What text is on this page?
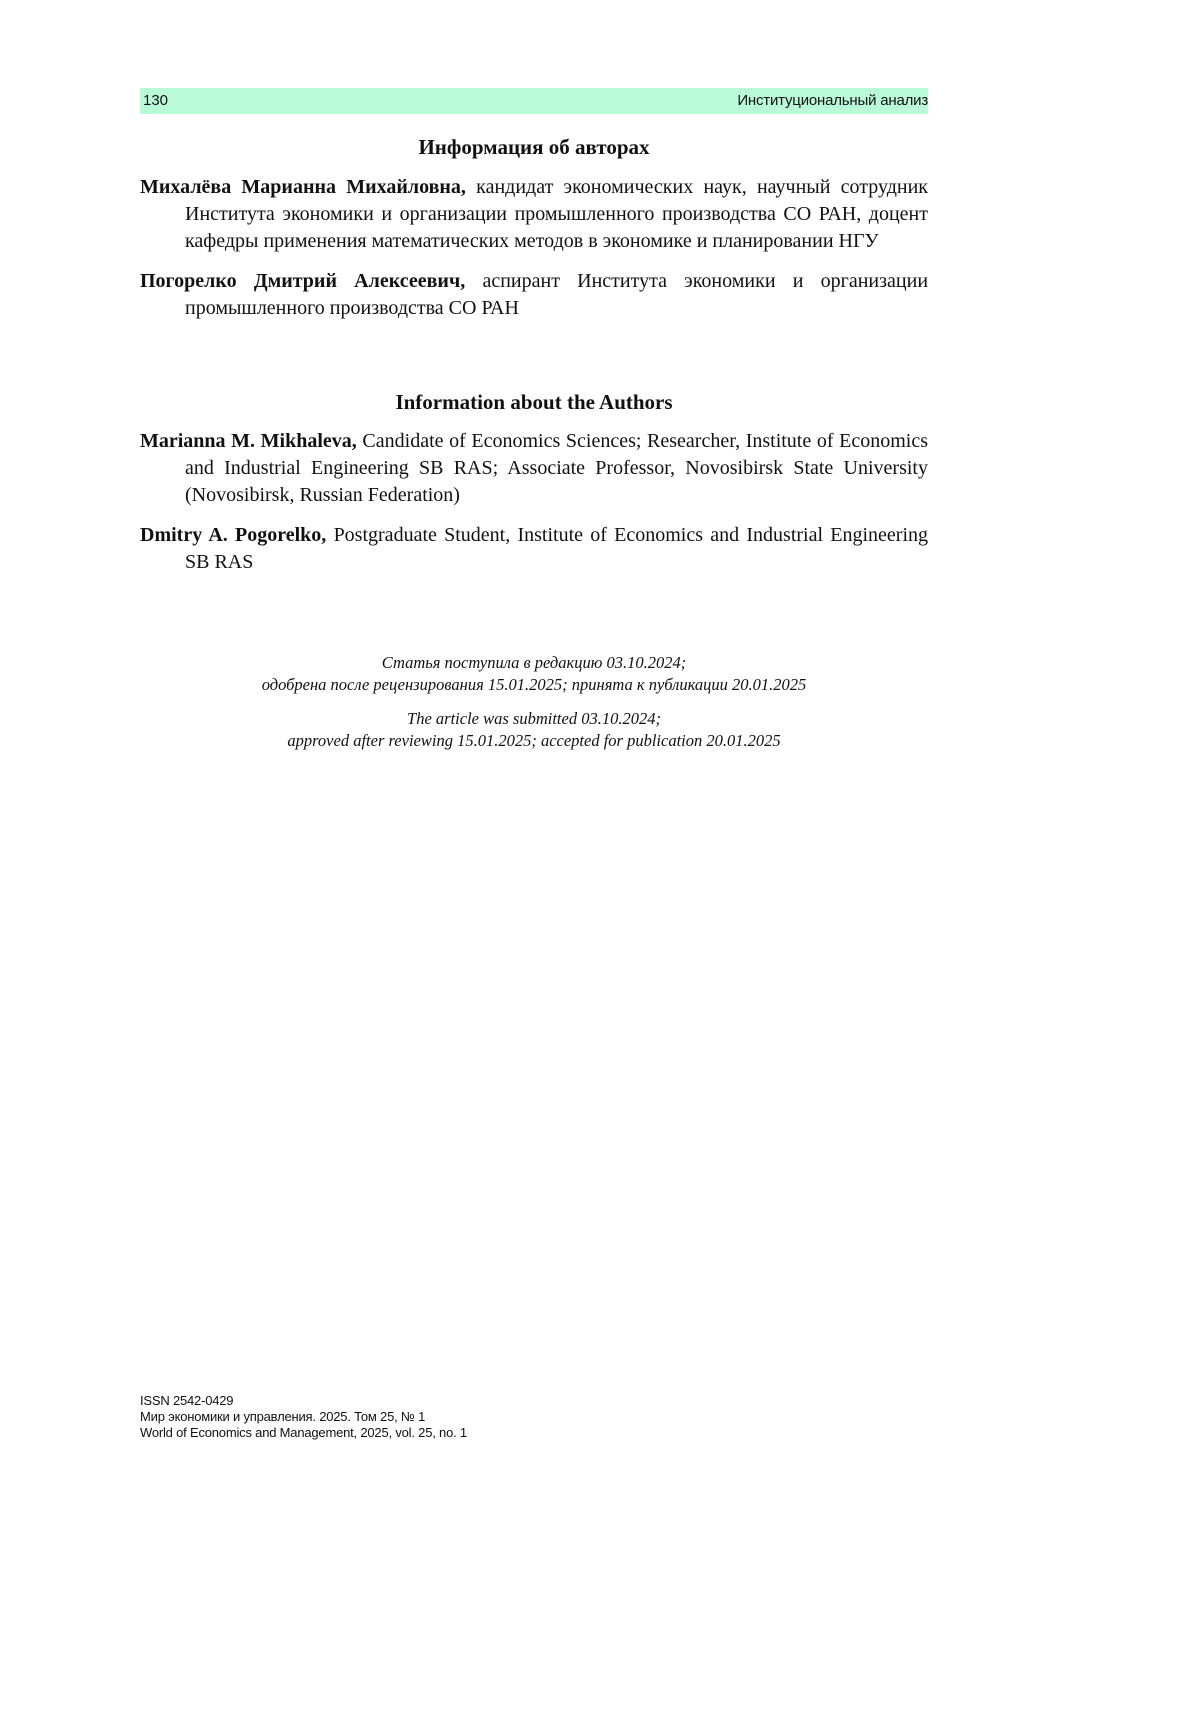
130	Институциональный анализ
Информация об авторах

Михалёва Марианна Михайловна, кандидат экономических наук, научный сотрудник Института экономики и организации промышленного производства СО РАН, доцент кафедры применения математических методов в экономике и планировании НГУ

Погорелко Дмитрий Алексеевич, аспирант Института экономики и организации промышленного производства СО РАН

Information about the Authors

Marianna M. Mikhaleva, Candidate of Economics Sciences; Researcher, Institute of Economics and Industrial Engineering SB RAS; Associate Professor, Novosibirsk State University (Novosibirsk, Russian Federation)

Dmitry A. Pogorelko, Postgraduate Student, Institute of Economics and Industrial Engineering SB RAS

Статья поступила в редакцию 03.10.2024;

одобрена после рецензирования 15.01.2025; принята к публикации 20.01.2025

The article was submitted 03.10.2024;

approved after reviewing 15.01.2025; accepted for publication 20.01.2025

ISSN 2542-0429
Мир экономики и управления. 2025. Том 25, № 1
World of Economics and Management, 2025, vol. 25, no. 1
